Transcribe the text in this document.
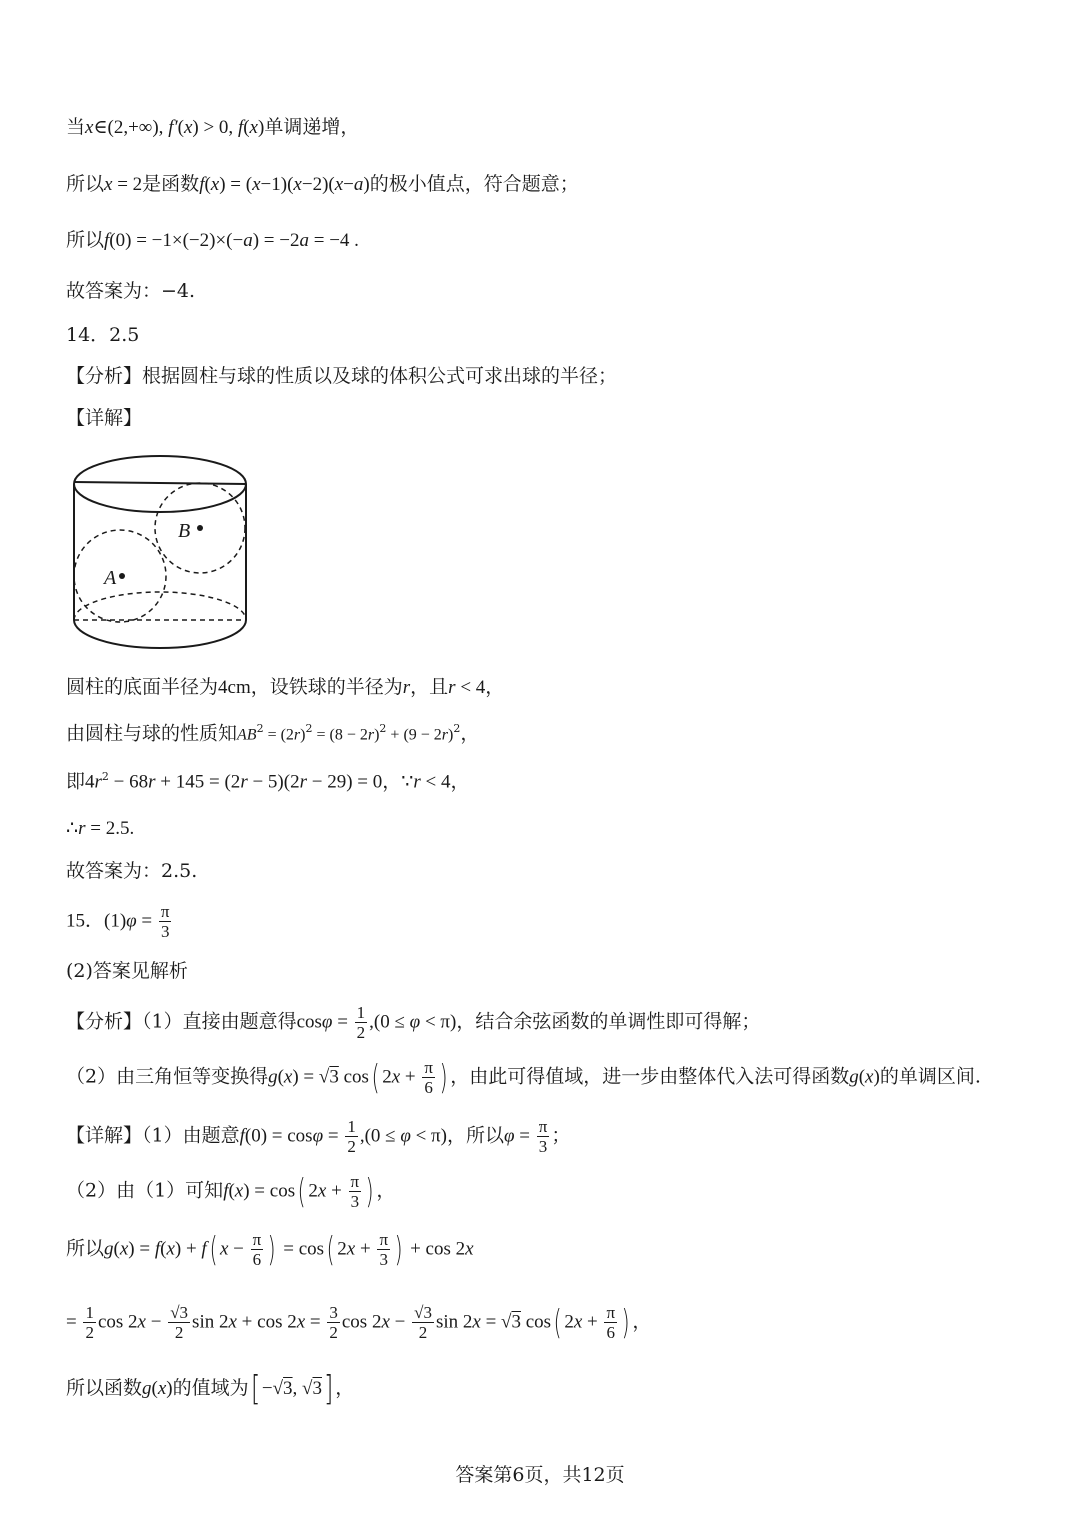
当x∈(2,+∞), f′(x) > 0, f(x)单调递增，
所以x = 2是函数f(x) = (x−1)(x−2)(x−a)的极小值点，符合题意；
所以f(0) = −1×(−2)×(−a) = −2a = −4 .
故答案为：−4.
14．2.5
【分析】根据圆柱与球的性质以及球的体积公式可求出球的半径；
【详解】
B
A
圆柱的底面半径为4cm，设铁球的半径为r，且r < 4，
由圆柱与球的性质知$AB^2 = (2r)^2 = (8 - 2r)^2 + (9 - 2r)^2$，
即$4r^2 - 68r + 145 = (2r - 5)(2r - 29) = 0$，∵r < 4，
∴r = 2.5.
故答案为：2.5.
15．$(1)\varphi = \frac{\pi}{3}$
(2)答案见解析
【分析】（1）直接由题意得$\cos\varphi = \frac{1}{2} ,(0 \le \varphi < \pi)$，结合余弦函数的单调性即可得解；
（2）由三角恒等变换得g(x) = √3 cos( $2x + \frac{\pi}{6}$ ) ，由此可得值域，进一步由整体代入法可得函数g(x)的单调区间.
【详解】（1）由题意$f(0) = \cos\varphi = \frac{1}{2} ,(0 \le \varphi < \pi)$，所以$\varphi = \frac{\pi}{3}$ ；
（2）由（1）可知f(x) = cos( $2x + \frac{\pi}{3}$ ) ，
所以g(x) = f(x) + f( $x - \frac{\pi}{6}$ ) = cos( $2x + \frac{\pi}{3}$ ) + cos 2x
= $\frac{1}{2}$ $\cos 2x - \frac{√3}{2}$ $\sin 2x + \cos 2x = \frac{3}{2}$ $\cos 2x - \frac{√3}{2}$ sin 2x = √3 cos( $2x + \frac{\pi}{6}$ ) ，
所以函数g(x)的值域为[ −√3, √3] ，
答案第6页，共12页
